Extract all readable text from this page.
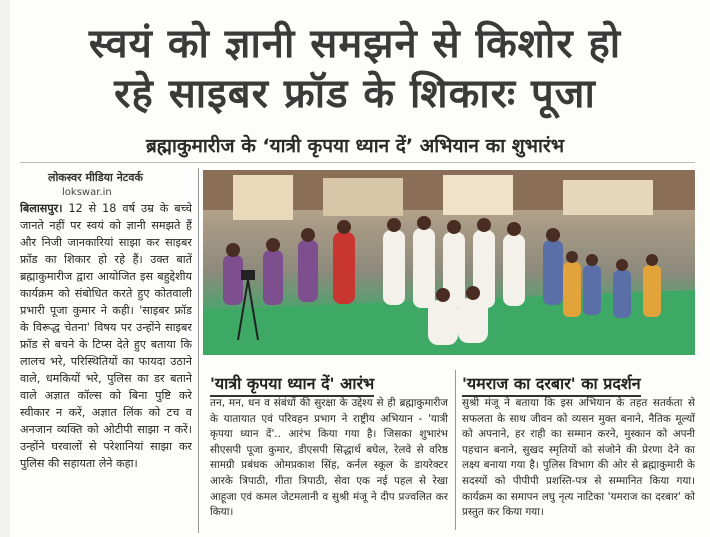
स्वयं को ज्ञानी समझने से किशोर हो
रहे साइबर फ्रॉड के शिकारः पूजा
ब्रह्माकुमारीज के ‘यात्री कृपया ध्यान दें’ अभियान का शुभारंभ
लोकस्वर मीडिया नेटवर्क
lokswar.in
बिलासपुर। 12 से 18 वर्ष उम्र के बच्चे जानते नहीं पर स्वयं को ज्ञानी समझते हैं और निजी जानकारियां साझा कर साइबर फ्रॉड का शिकार हो रहे हैं। उक्त बातें ब्रह्माकुमारीज द्वारा आयोजित इस बहुद्देशीय कार्यक्रम को संबोधित करते हुए कोतवाली प्रभारी पूजा कुमार ने कही। 'साइबर फ्रॉड के विरूद्ध चेतना' विषय पर उन्होंने साइबर फ्रॉड से बचने के टिप्स देते हुए बताया कि लालच भरे, परिस्थितियों का फायदा उठाने वाले, धमकियों भरे, पुलिस का डर बताने वाले अज्ञात कॉल्स को बिना पुष्टि करे स्वीकार न करें, अज्ञात लिंक को टच व अनजान व्यक्ति को ओटीपी साझा न करें। उन्होंने घरवालों से परेशानियां साझा कर पुलिस की सहायता लेने कहा।
'यात्री कृपया ध्यान दें' आरंभ
तन, मन, धन व संबंधों की सुरक्षा के उद्देश्य से ही ब्रह्माकुमारीज के यातायात एवं परिवहन प्रभाग ने राष्ट्रीय अभियान - 'यात्री कृपया ध्यान दें'.. आरंभ किया गया है। जिसका शुभारंभ सीएसपी पूजा कुमार, डीएसपी सिद्धार्थ बघेल, रेलवे से वरिष्ठ सामग्री प्रबंधक ओमप्रकाश सिंह, कर्नल स्कूल के डायरेक्टर आरके त्रिपाठी, गीता त्रिपाठी, सेवा एक नई पहल से रेखा आहूजा एवं कमल जेटमलानी व सुश्री मंजू ने दीप प्रज्वलित कर किया।
'यमराज का दरबार' का प्रदर्शन
सुश्री मंजू ने बताया कि इस अभियान के तहत सतर्कता से सफलता के साथ जीवन को व्यसन मुक्त बनाने, नैतिक मूल्यों को अपनाने, हर राही का सम्मान करने, मुस्कान को अपनी पहचान बनाने, सुखद स्मृतियों को संजोने की प्रेरणा देने का लक्ष्य बनाया गया है। पुलिस विभाग की ओर से ब्रह्माकुमारी के सदस्यों को पीपीपी प्रशस्ति-पत्र से सम्मानित किया गया। कार्यक्रम का समापन लघु नृत्य नाटिका 'यमराज का दरबार' को प्रस्तुत कर किया गया।
